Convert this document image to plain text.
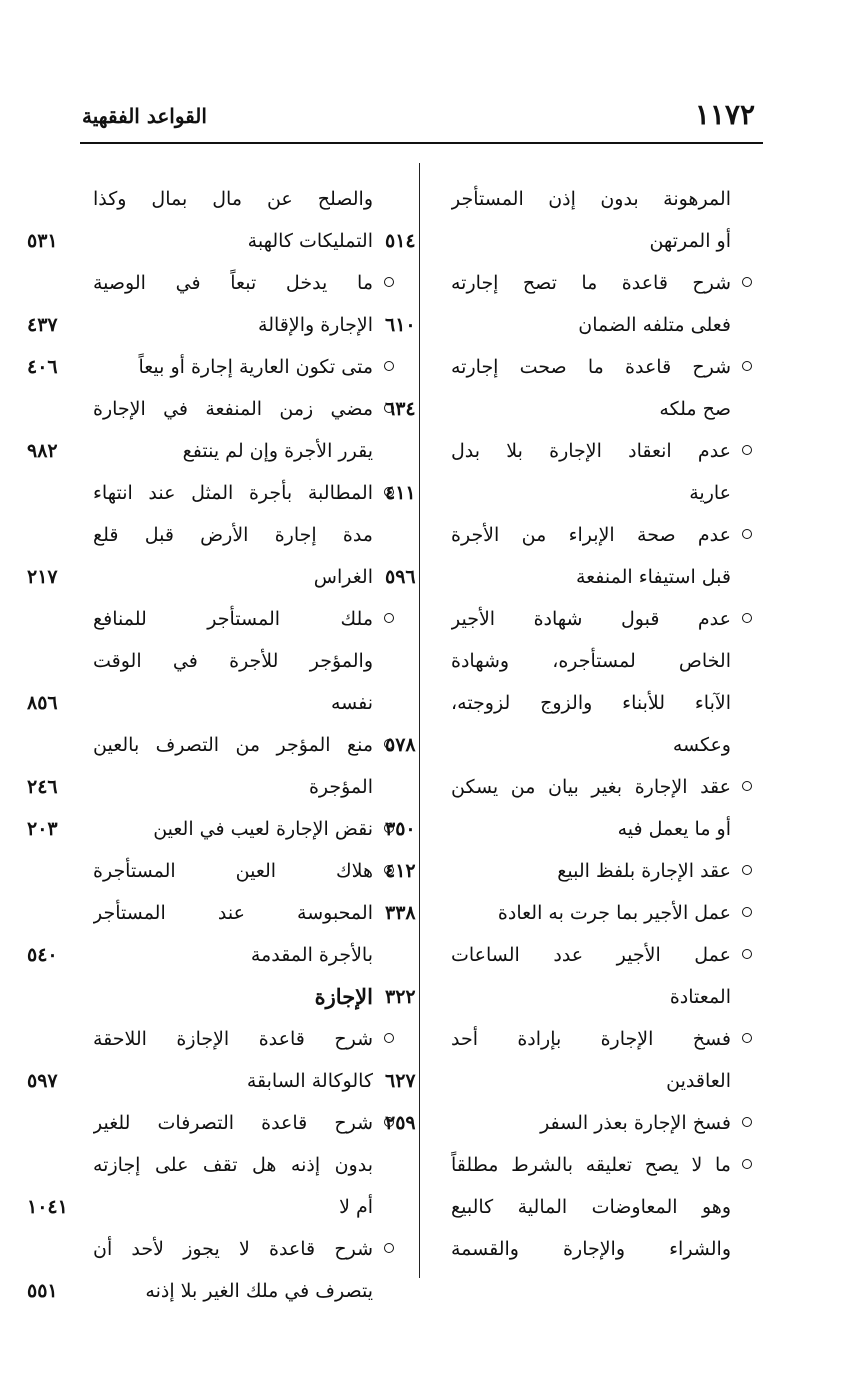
١١٧٢
القواعد الفقهية
المرهونة بدون إذن المستأجر
أو المرتهن
٥١٤
شرح قاعدة ما تصح إجارته
فعلى متلفه الضمان
٦١٠
شرح قاعدة ما صحت إجارته
صح ملكه
٦٣٤
عدم انعقاد الإجارة بلا بدل
عارية
٤١١
عدم صحة الإبراء من الأجرة
قبل استيفاء المنفعة
٥٩٦
عدم قبول شهادة الأجير
الخاص لمستأجره، وشهادة
الآباء للأبناء والزوج لزوجته،
وعكسه
٥٧٨
عقد الإجارة بغير بيان من يسكن
أو ما يعمل فيه
٣٥٠
عقد الإجارة بلفظ البيع
٤١٢
عمل الأجير بما جرت به العادة
٣٣٨
عمل الأجير عدد الساعات
المعتادة
٣٢٢
فسخ الإجارة بإرادة أحد
العاقدين
٦٢٧
فسخ الإجارة بعذر السفر
٢٥٩
ما لا يصح تعليقه بالشرط مطلقاً
وهو المعاوضات المالية كالبيع
والشراء والإجارة والقسمة
والصلح عن مال بمال وكذا
التمليكات كالهبة
٥٣١
ما يدخل تبعاً في الوصية
الإجارة والإقالة
٤٣٧
متى تكون العارية إجارة أو بيعاً
٤٠٦
مضي زمن المنفعة في الإجارة
يقرر الأجرة وإن لم ينتفع
٩٨٢
المطالبة بأجرة المثل عند انتهاء
مدة إجارة الأرض قبل قلع
الغراس
٢١٧
ملك المستأجر للمنافع
والمؤجر للأجرة في الوقت
نفسه
٨٥٦
منع المؤجر من التصرف بالعين
المؤجرة
٢٤٦
نقض الإجارة لعيب في العين
٢٠٣
هلاك العين المستأجرة
المحبوسة عند المستأجر
بالأجرة المقدمة
٥٤٠
الإجازة
شرح قاعدة الإجازة اللاحقة
كالوكالة السابقة
٥٩٧
شرح قاعدة التصرفات للغير
بدون إذنه هل تقف على إجازته
أم لا
١٠٤١
شرح قاعدة لا يجوز لأحد أن
يتصرف في ملك الغير بلا إذنه
٥٥١
